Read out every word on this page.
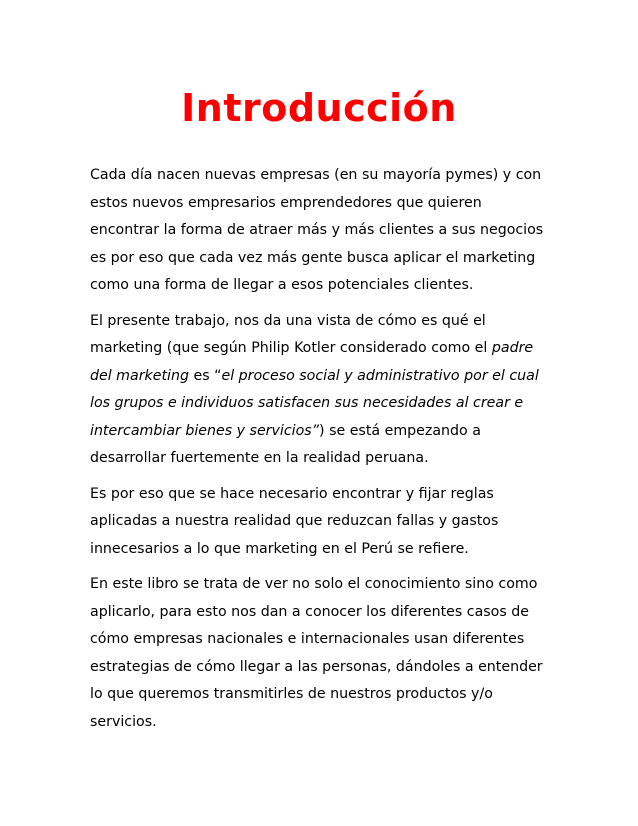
Introducción

Cada día nacen nuevas empresas (en su mayoría pymes) y con
estos nuevos empresarios emprendedores que quieren
encontrar la forma de atraer más y más clientes a sus negocios
es por eso que cada vez más gente busca aplicar el marketing
como una forma de llegar a esos potenciales clientes.

El presente trabajo, nos da una vista de cómo es qué el
marketing (que según Philip Kotler considerado como el padre
del marketing es “el proceso social y administrativo por el cual
los grupos e individuos satisfacen sus necesidades al crear e
intercambiar bienes y servicios”) se está empezando a
desarrollar fuertemente en la realidad peruana.

Es por eso que se hace necesario encontrar y fijar reglas
aplicadas a nuestra realidad que reduzcan fallas y gastos
innecesarios a lo que marketing en el Perú se refiere.

En este libro se trata de ver no solo el conocimiento sino como
aplicarlo, para esto nos dan a conocer los diferentes casos de
cómo empresas nacionales e internacionales usan diferentes
estrategias de cómo llegar a las personas, dándoles a entender
lo que queremos transmitirles de nuestros productos y/o
servicios.
